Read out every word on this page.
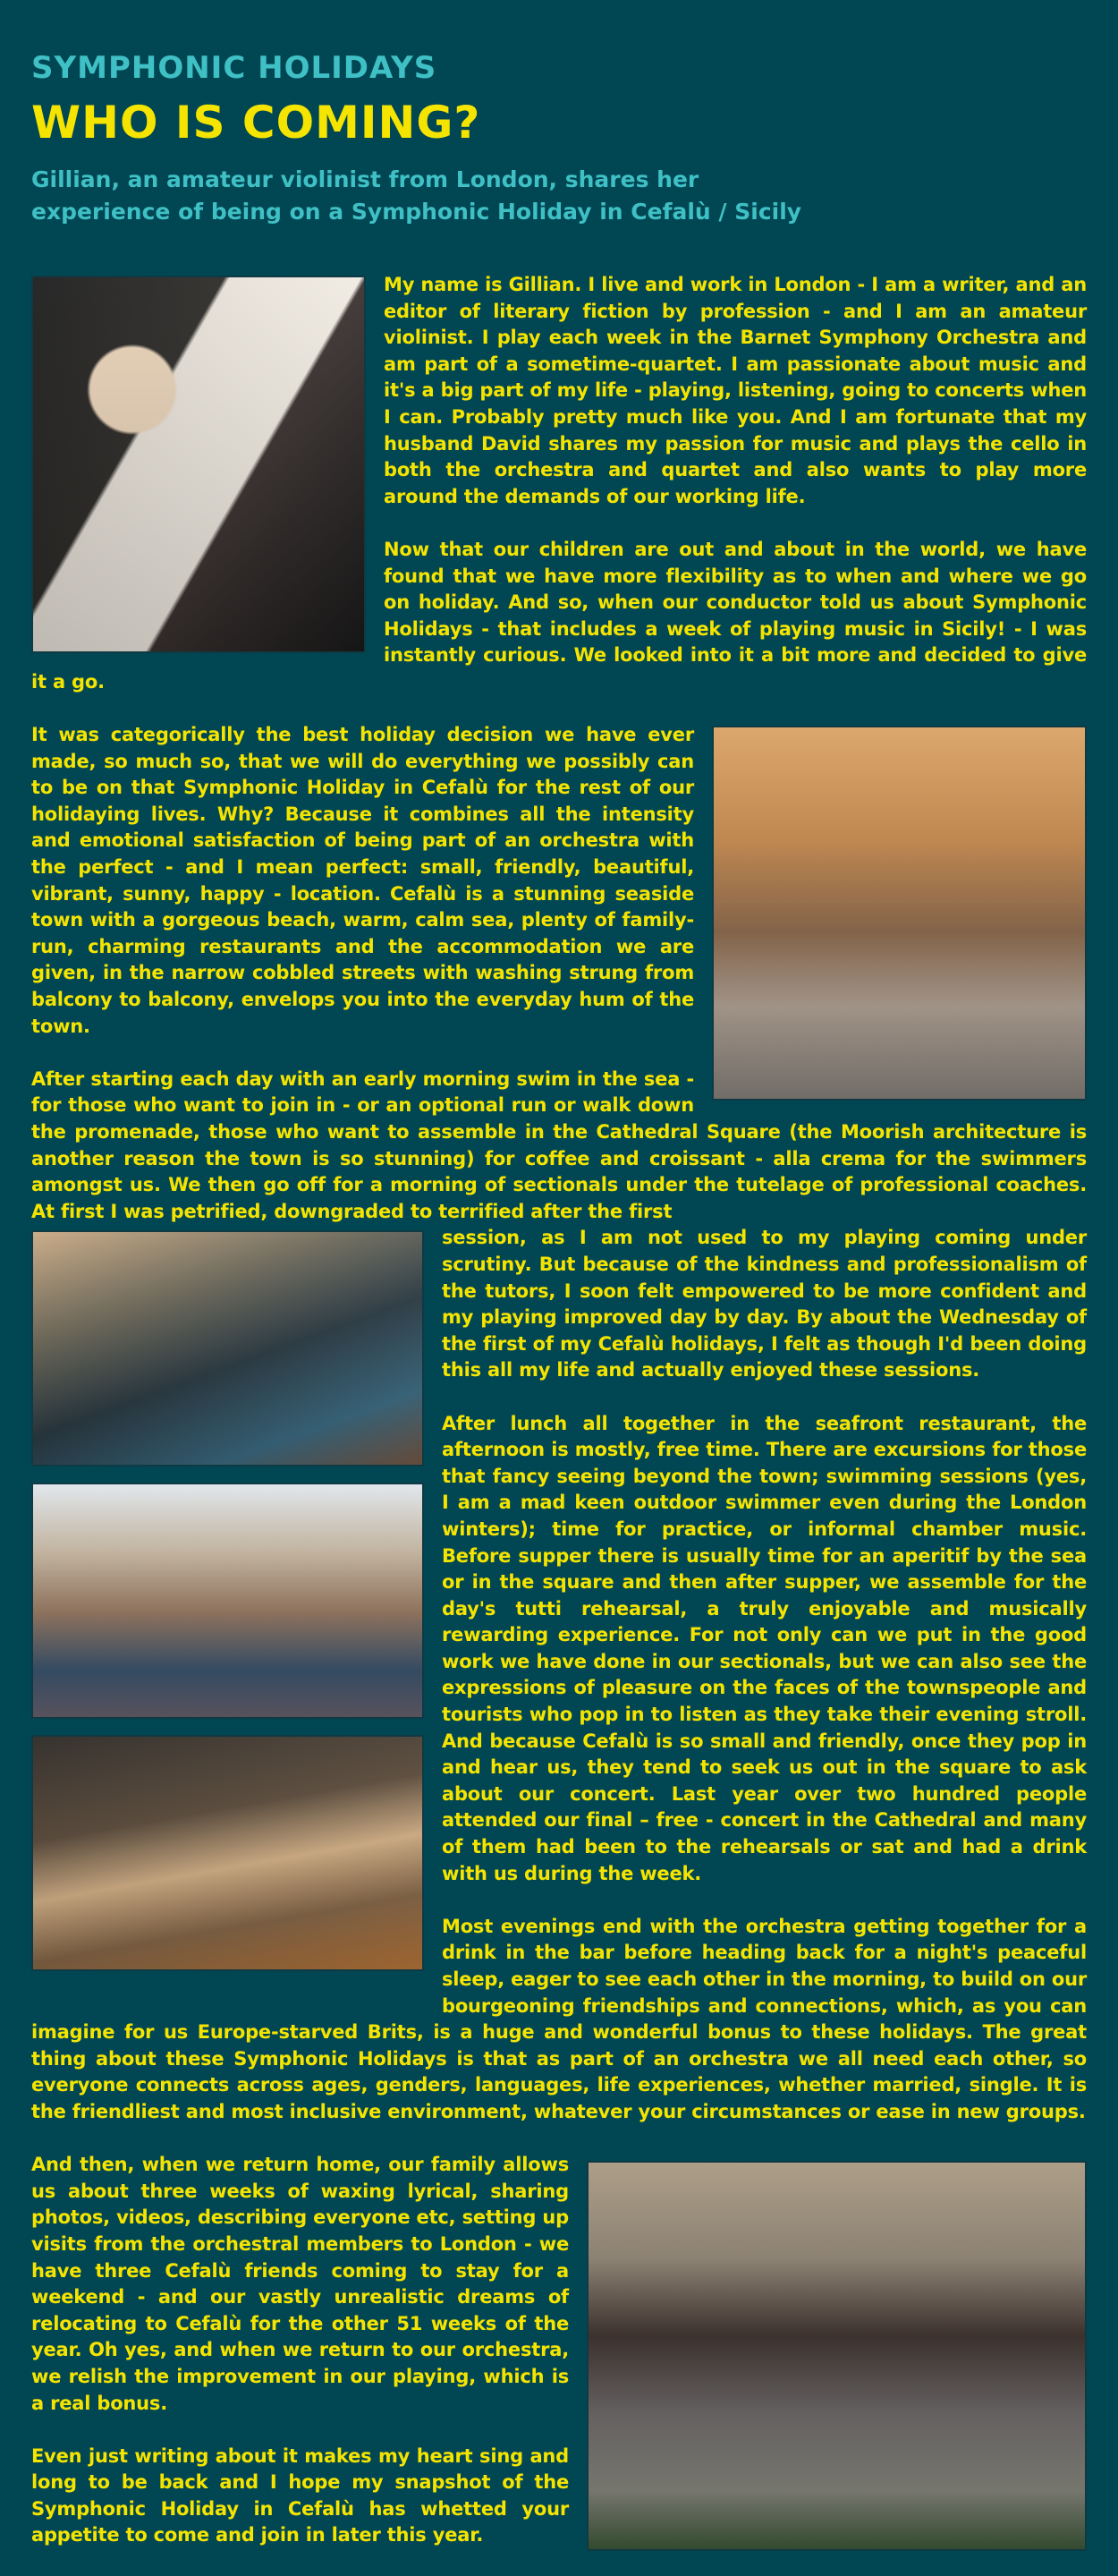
SYMPHONIC HOLIDAYS
WHO IS COMING?
Gillian, an amateur violinist from London, shares her experience of being on a Symphonic Holiday in Cefalù / Sicily

My name is Gillian. I live and work in London - I am a writer, and an editor of literary fiction by profession - and I am an amateur violinist. I play each week in the Barnet Symphony Orchestra and am part of a sometime-quartet. I am passionate about music and it's a big part of my life - playing, listening, going to concerts when I can. Probably pretty much like you. And I am fortunate that my husband David shares my passion for music and plays the cello in both the orchestra and quartet and also wants to play more around the demands of our working life.

Now that our children are out and about in the world, we have found that we have more flexibility as to when and where we go on holiday. And so, when our conductor told us about Symphonic Holidays - that includes a week of playing music in Sicily! - I was instantly curious. We looked into it a bit more and decided to give it a go.

It was categorically the best holiday decision we have ever made, so much so, that we will do everything we possibly can to be on that Symphonic Holiday in Cefalù for the rest of our holidaying lives. Why? Because it combines all the intensity and emotional satisfaction of being part of an orchestra with the perfect - and I mean perfect: small, friendly, beautiful, vibrant, sunny, happy - location. Cefalù is a stunning seaside town with a gorgeous beach, warm, calm sea, plenty of family-run, charming restaurants and the accommodation we are given, in the narrow cobbled streets with washing strung from balcony to balcony, envelops you into the everyday hum of the town.

After starting each day with an early morning swim in the sea - for those who want to join in - or an optional run or walk down the promenade, those who want to assemble in the Cathedral Square (the Moorish architecture is another reason the town is so stunning) for coffee and croissant - alla crema for the swimmers amongst us. We then go off for a morning of sectionals under the tutelage of professional coaches. At first I was petrified, downgraded to terrified after the first

session, as I am not used to my playing coming under scrutiny. But because of the kindness and professionalism of the tutors, I soon felt empowered to be more confident and my playing improved day by day. By about the Wednesday of the first of my Cefalù holidays, I felt as though I'd been doing this all my life and actually enjoyed these sessions.

After lunch all together in the seafront restaurant, the afternoon is mostly, free time. There are excursions for those that fancy seeing beyond the town; swimming sessions (yes, I am a mad keen outdoor swimmer even during the London winters); time for practice, or informal chamber music. Before supper there is usually time for an aperitif by the sea or in the square and then after supper, we assemble for the day's tutti rehearsal, a truly enjoyable and musically rewarding experience. For not only can we put in the good work we have done in our sectionals, but we can also see the expressions of pleasure on the faces of the townspeople and tourists who pop in to listen as they take their evening stroll. And because Cefalù is so small and friendly, once they pop in and hear us, they tend to seek us out in the square to ask about our concert. Last year over two hundred people attended our final – free - concert in the Cathedral and many of them had been to the rehearsals or sat and had a drink with us during the week.

Most evenings end with the orchestra getting together for a drink in the bar before heading back for a night's peaceful sleep, eager to see each other in the morning, to build on our bourgeoning friendships and connections, which, as you can imagine for us Europe-starved Brits, is a huge and wonderful bonus to these holidays. The great thing about these Symphonic Holidays is that as part of an orchestra we all need each other, so everyone connects across ages, genders, languages, life experiences, whether married, single. It is the friendliest and most inclusive environment, whatever your circumstances or ease in new groups.

And then, when we return home, our family allows us about three weeks of waxing lyrical, sharing photos, videos, describing everyone etc, setting up visits from the orchestral members to London - we have three Cefalù friends coming to stay for a weekend - and our vastly unrealistic dreams of relocating to Cefalù for the other 51 weeks of the year. Oh yes, and when we return to our orchestra, we relish the improvement in our playing, which is a real bonus.

Even just writing about it makes my heart sing and long to be back and I hope my snapshot of the Symphonic Holiday in Cefalù has whetted your appetite to come and join in later this year.
